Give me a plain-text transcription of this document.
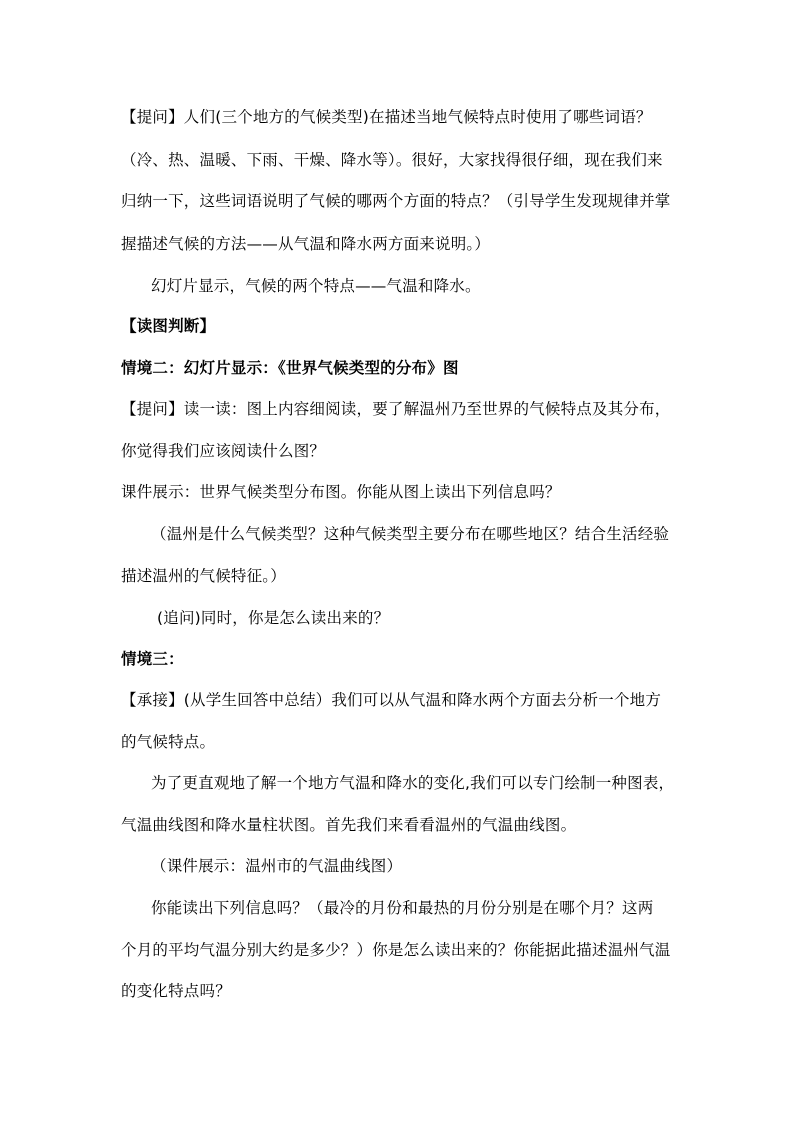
【提问】人们(三个地方的气候类型)在描述当地气候特点时使用了哪些词语？
（冷、热、温暖、下雨、干燥、降水等）。很好，大家找得很仔细，现在我们来
归纳一下，这些词语说明了气候的哪两个方面的特点？（引导学生发现规律并掌
握描述气候的方法——从气温和降水两方面来说明。）
幻灯片显示，气候的两个特点——气温和降水。
【读图判断】
情境二：幻灯片显示：《世界气候类型的分布》图
【提问】读一读：图上内容细阅读，要了解温州乃至世界的气候特点及其分布，
你觉得我们应该阅读什么图？
课件展示：世界气候类型分布图。你能从图上读出下列信息吗？
（温州是什么气候类型？这种气候类型主要分布在哪些地区？结合生活经验
描述温州的气候特征。）
(追问)同时，你是怎么读出来的？
情境三：
【承接】(从学生回答中总结）我们可以从气温和降水两个方面去分析一个地方
的气候特点。
为了更直观地了解一个地方气温和降水的变化,我们可以专门绘制一种图表，
气温曲线图和降水量柱状图。首先我们来看看温州的气温曲线图。
（课件展示：温州市的气温曲线图）
你能读出下列信息吗？（最冷的月份和最热的月份分别是在哪个月？这两
个月的平均气温分别大约是多少？）你是怎么读出来的？你能据此描述温州气温
的变化特点吗？
